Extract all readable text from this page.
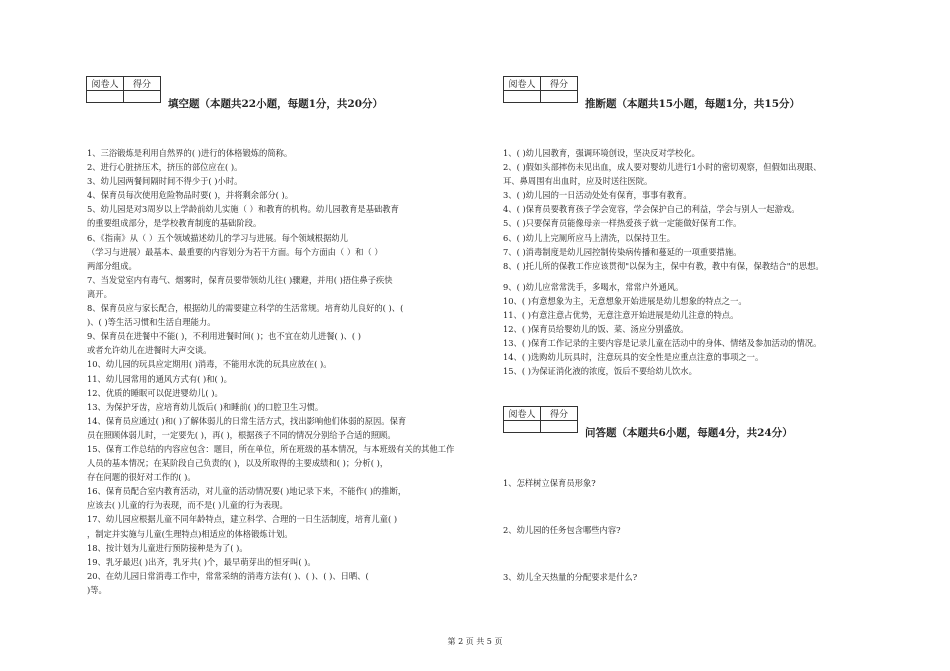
阅卷人	得分

填空题（本题共22小题，每题1分，共20分）
1、三浴锻炼是利用自然界的( )进行的体格锻炼的简称。
2、进行心脏挤压术，挤压的部位应在( )。
3、幼儿园两餐间隔时间不得少于( )小时。
4、保育员每次使用危险物品时要( )，并将剩余部分( )。
5、幼儿园是对3周岁以上学龄前幼儿实施（ ）和教育的机构。幼儿园教育是基础教育
的重要组成部分，是学校教育制度的基础阶段。
6、《指南》从（ ）五个领域描述幼儿的学习与进展。每个领域根据幼儿
（学习与进展）最基本、最重要的内容划分为若干方面。每个方面由（ ）和（ ）
两部分组成。
7、当发觉室内有毒气、烟雾时，保育员要带领幼儿往( )骤避，并用( )捂住鼻子疾快
离开。
8、保育员应与家长配合，根据幼儿的需要建立科学的生活常规。培育幼儿良好的( )、(
)、( )等生活习惯和生活自理能力。
9、保育员在进餐中不能( )，不利用进餐时间( )；也不宜在幼儿进餐( )、( )
或者允许幼儿在进餐时大声交谈。
10、幼儿园的玩具应定期用( )消毒，不能用水洗的玩具应放在( )。
11、幼儿园常用的通风方式有( )和( )。
12、优质的睡眠可以促进婴幼儿( )。
13、为保护牙齿，应培育幼儿饭后( )和睡前( )的口腔卫生习惯。
14、保育员应通过( )和( )了解体弱儿的日常生活方式，找出影响他们体弱的原因。保育
员在照顾体弱儿时，一定要先( )，再( )，根据孩子不同的情况分别给予合适的照顾。
15、保育工作总结的内容应包含：题目，所在单位，所在班级的基本情况，与本班级有关的其他工作
人员的基本情况；在某阶段自己负责的( )，以及所取得的主要成绩和( )；分析( )，
存在问题的很好对工作的( )。
16、保育员配合室内教育活动，对儿童的活动情况要( )地记录下来，不能作( )的推断，
应该去( )儿童的行为表现，而不是( )儿童的行为表现。
17、幼儿园应根据儿童不同年龄特点，建立科学、合理的一日生活制度，培育儿童( )
，制定并实施与儿童(生理特点)相适应的体格锻炼计划。
18、按计划为儿童进行预防接种是为了( )。
19、乳牙最迟( )出齐，乳牙共( )个，最早萌芽出的恒牙叫( )。
20、在幼儿园日常消毒工作中，常常采纳的消毒方法有( )、( )、( )、日晒、(
)等。
阅卷人	得分

推断题（本题共15小题，每题1分，共15分）
1、( )幼儿园教育，强调环境创设，坚决反对学校化。
2、( )假如头部摔伤未见出血，成人要对婴幼儿进行1小时的密切观察，但假如出现眼、
耳、鼻周围有出血时，应及时送往医院。
3、( )幼儿园的一日活动处处有保育，事事有教育。
4、( )保育员要教育孩子学会宽容，学会保护自己的利益，学会与别人一起游戏。
5、( )只要保育员能像母亲一样热爱孩子就一定能做好保育工作。
6、( )幼儿上完厕所应马上清洗，以保持卫生。
7、( )消毒制度是幼儿园控制传染病传播和蔓延的一项重要措施。
8、( )托儿所的保教工作应该贯彻"以保为主，保中有教，教中有保，保教结合"的思想。
9、( )幼儿应常常洗手，多喝水，常常户外通风。
10、( )有意想象为主，无意想象开始进展是幼儿想象的特点之一。
11、( )有意注意占优势，无意注意开始进展是幼儿注意的特点。
12、( )保育员给婴幼儿的饭、菜、汤应分别盛放。
13、( )保育工作记录的主要内容是记录儿童在活动中的身体、情绪及参加活动的情况。
14、( )选购幼儿玩具时，注意玩具的安全性是应重点注意的事项之一。
15、( )为保证消化液的浓度，饭后不要给幼儿饮水。
阅卷人	得分

问答题（本题共6小题，每题4分，共24分）
1、怎样树立保育员形象?
2、幼儿园的任务包含哪些内容?
3、幼儿全天热量的分配要求是什么?
第 2 页 共 5 页
